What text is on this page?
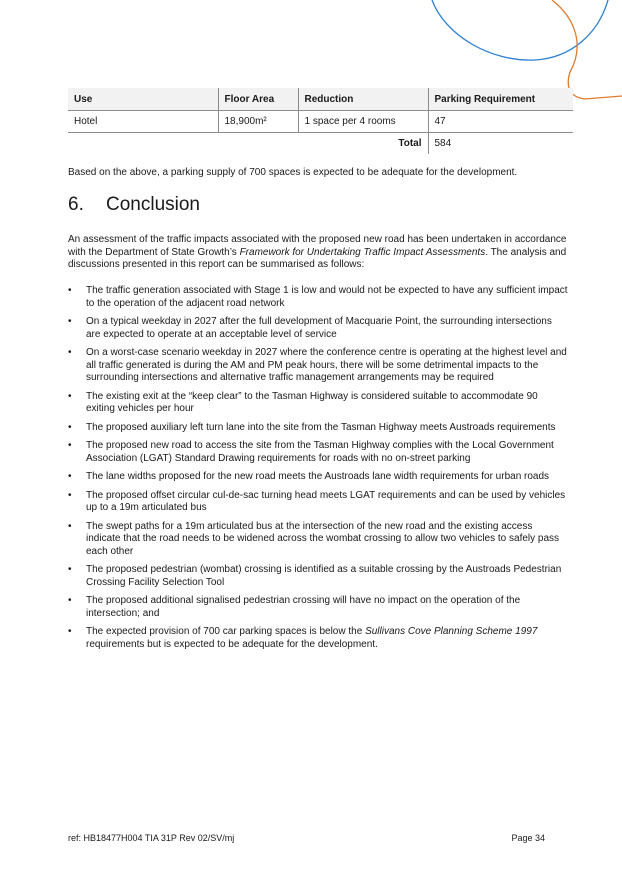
Use	Floor Area	Reduction	Parking Requirement
Hotel	18,900m²	1 space per 4 rooms	47
		Total	584
Based on the above, a parking supply of 700 spaces is expected to be adequate for the development.
6. Conclusion

An assessment of the traffic impacts associated with the proposed new road has been undertaken in accordance with the Department of State Growth’s Framework for Undertaking Traffic Impact Assessments. The analysis and discussions presented in this report can be summarised as follows:

• The traffic generation associated with Stage 1 is low and would not be expected to have any sufficient impact to the operation of the adjacent road network
• On a typical weekday in 2027 after the full development of Macquarie Point, the surrounding intersections are expected to operate at an acceptable level of service
• On a worst-case scenario weekday in 2027 where the conference centre is operating at the highest level and all traffic generated is during the AM and PM peak hours, there will be some detrimental impacts to the surrounding intersections and alternative traffic management arrangements may be required
• The existing exit at the “keep clear” to the Tasman Highway is considered suitable to accommodate 90 exiting vehicles per hour
• The proposed auxiliary left turn lane into the site from the Tasman Highway meets Austroads requirements
• The proposed new road to access the site from the Tasman Highway complies with the Local Government Association (LGAT) Standard Drawing requirements for roads with no on-street parking
• The lane widths proposed for the new road meets the Austroads lane width requirements for urban roads
• The proposed offset circular cul-de-sac turning head meets LGAT requirements and can be used by vehicles up to a 19m articulated bus
• The swept paths for a 19m articulated bus at the intersection of the new road and the existing access indicate that the road needs to be widened across the wombat crossing to allow two vehicles to safely pass each other
• The proposed pedestrian (wombat) crossing is identified as a suitable crossing by the Austroads Pedestrian Crossing Facility Selection Tool
• The proposed additional signalised pedestrian crossing will have no impact on the operation of the intersection; and
• The expected provision of 700 car parking spaces is below the Sullivans Cove Planning Scheme 1997 requirements but is expected to be adequate for the development.
ref: HB18477H004 TIA 31P Rev 02/SV/mj	Page 34
